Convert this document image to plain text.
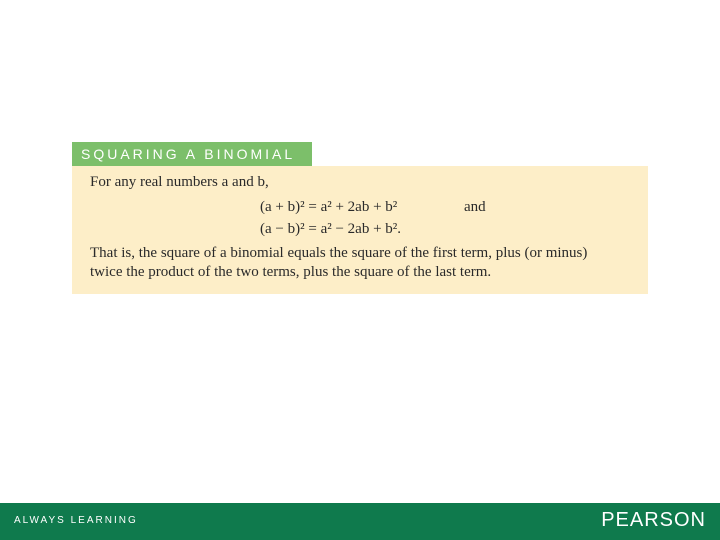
SQUARING A BINOMIAL
For any real numbers a and b,
(a + b)² = a² + 2ab + b²	and
(a − b)² = a² − 2ab + b².
That is, the square of a binomial equals the square of the first term, plus (or minus)
twice the product of the two terms, plus the square of the last term.
ALWAYS LEARNING	PEARSON
